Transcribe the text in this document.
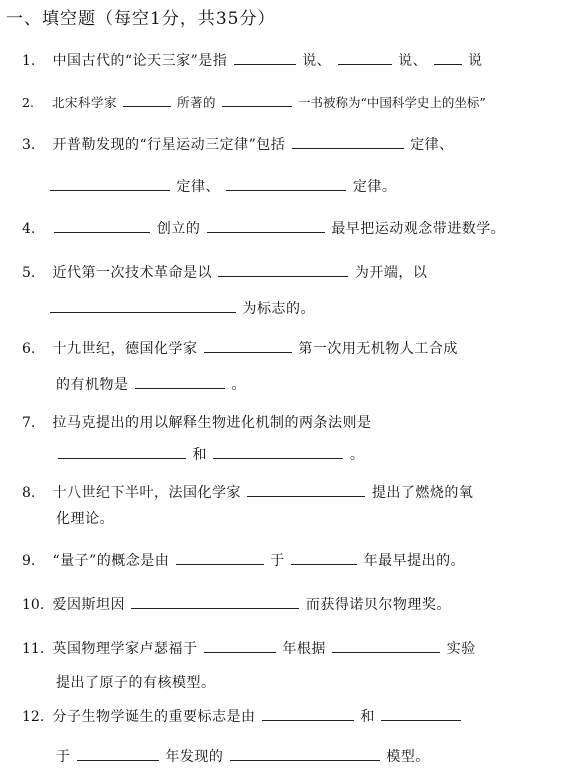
一、填空题（每空1分，共35分）
1. 中国古代的“论天三家”是指	说、	说、	说
2. 北宋科学家	所著的	一书被称为“中国科学史上的坐标”
3. 开普勒发现的“行星运动三定律”包括	定律、
定律、	定律。
4.	创立的	最早把运动观念带进数学。
5. 近代第一次技术革命是以	为开端，以
为标志的。
6. 十九世纪，德国化学家	第一次用无机物人工合成
的有机物是	。
7. 拉马克提出的用以解释生物进化机制的两条法则是
和	。
8. 十八世纪下半叶，法国化学家	提出了燃烧的氧
化理论。
9. “量子”的概念是由	于	年最早提出的。
10. 爱因斯坦因	而获得诺贝尔物理奖。
11. 英国物理学家卢瑟福于	年根据	实验
提出了原子的有核模型。
12. 分子生物学诞生的重要标志是由	和
于	年发现的	模型。
